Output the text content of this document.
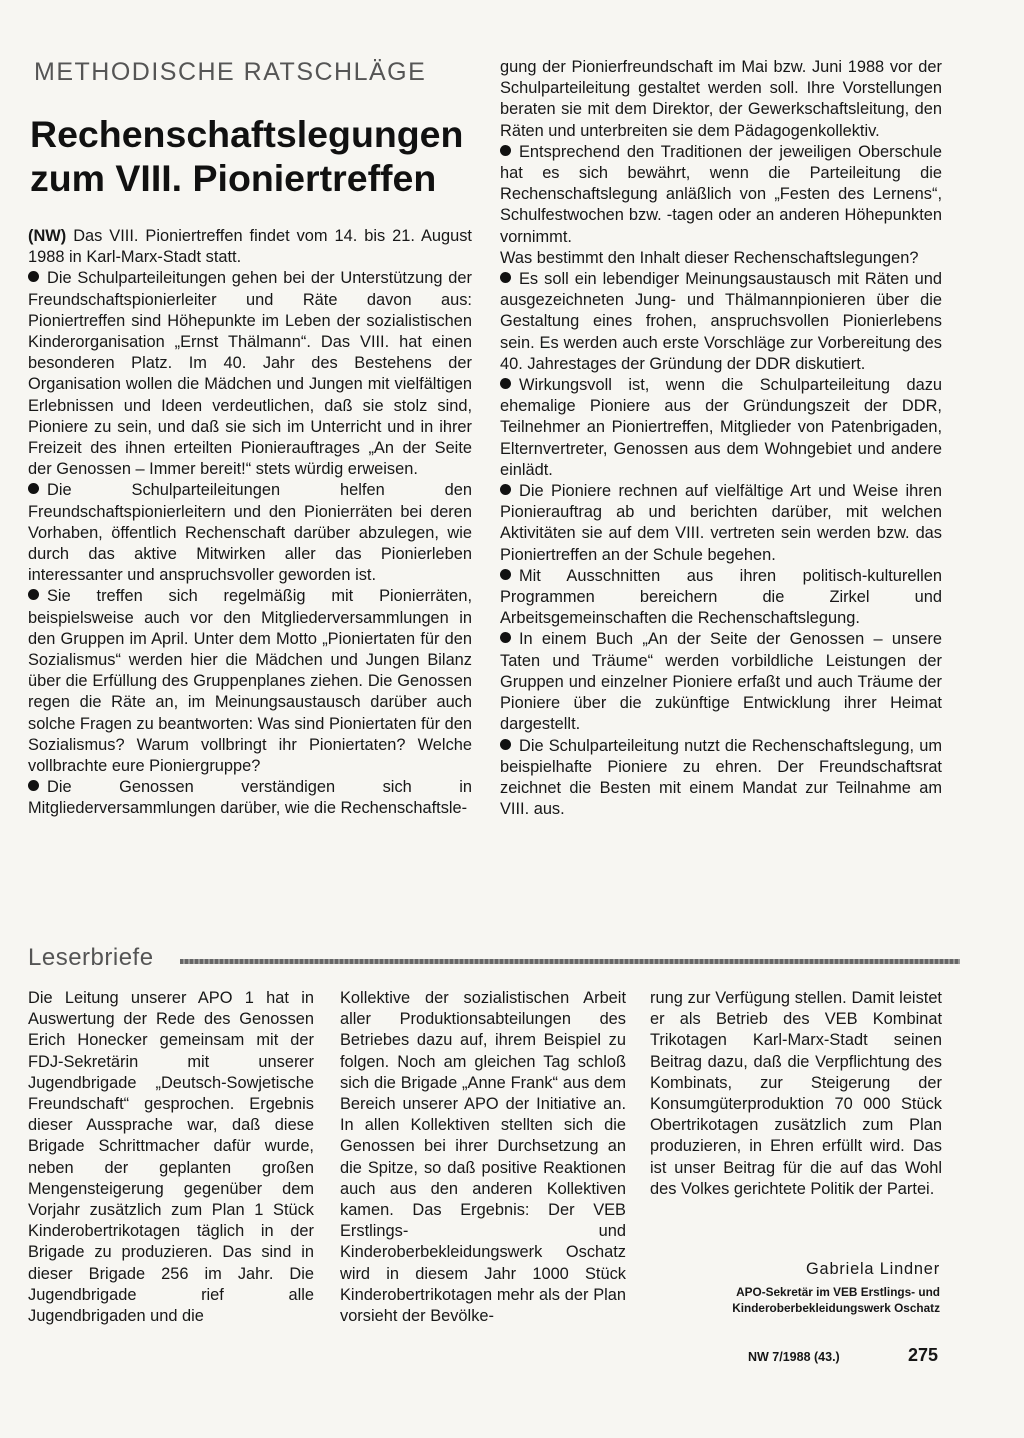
METHODISCHE RATSCHLÄGE
Rechenschaftslegungen
zum VIII. Pioniertreffen

(NW) Das VIII. Pioniertreffen findet vom 14. bis 21. August 1988 in Karl-Marx-Stadt statt.

Die Schulparteileitungen gehen bei der Unterstützung der Freundschaftspionierleiter und Räte davon aus: Pioniertreffen sind Höhepunkte im Leben der sozialistischen Kinderorganisation „Ernst Thälmann“. Das VIII. hat einen besonderen Platz. Im 40. Jahr des Bestehens der Organisation wollen die Mädchen und Jungen mit vielfältigen Erlebnissen und Ideen verdeutlichen, daß sie stolz sind, Pioniere zu sein, und daß sie sich im Unterricht und in ihrer Freizeit des ihnen erteilten Pionierauftrages „An der Seite der Genossen – Immer bereit!“ stets würdig erweisen.

Die Schulparteileitungen helfen den Freundschaftspionierleitern und den Pionierräten bei deren Vorhaben, öffentlich Rechenschaft darüber abzulegen, wie durch das aktive Mitwirken aller das Pionierleben interessanter und anspruchsvoller geworden ist.

Sie treffen sich regelmäßig mit Pionierräten, beispielsweise auch vor den Mitgliederversammlungen in den Gruppen im April. Unter dem Motto „Pioniertaten für den Sozialismus“ werden hier die Mädchen und Jungen Bilanz über die Erfüllung des Gruppenplanes ziehen. Die Genossen regen die Räte an, im Meinungsaustausch darüber auch solche Fragen zu beantworten: Was sind Pioniertaten für den Sozialismus? Warum vollbringt ihr Pioniertaten? Welche vollbrachte eure Pioniergruppe?

Die Genossen verständigen sich in Mitgliederversammlungen darüber, wie die Rechenschaftsle-

gung der Pionierfreundschaft im Mai bzw. Juni 1988 vor der Schulparteileitung gestaltet werden soll. Ihre Vorstellungen beraten sie mit dem Direktor, der Gewerkschaftsleitung, den Räten und unterbreiten sie dem Pädagogenkollektiv.

Entsprechend den Traditionen der jeweiligen Oberschule hat es sich bewährt, wenn die Parteileitung die Rechenschaftslegung anläßlich von „Festen des Lernens“, Schulfestwochen bzw. -tagen oder an anderen Höhepunkten vornimmt.

Was bestimmt den Inhalt dieser Rechenschaftslegungen?

Es soll ein lebendiger Meinungsaustausch mit Räten und ausgezeichneten Jung- und Thälmannpionieren über die Gestaltung eines frohen, anspruchsvollen Pionierlebens sein. Es werden auch erste Vorschläge zur Vorbereitung des 40. Jahrestages der Gründung der DDR diskutiert.

Wirkungsvoll ist, wenn die Schulparteileitung dazu ehemalige Pioniere aus der Gründungszeit der DDR, Teilnehmer an Pioniertreffen, Mitglieder von Patenbrigaden, Elternvertreter, Genossen aus dem Wohngebiet und andere einlädt.

Die Pioniere rechnen auf vielfältige Art und Weise ihren Pionierauftrag ab und berichten darüber, mit welchen Aktivitäten sie auf dem VIII. vertreten sein werden bzw. das Pioniertreffen an der Schule begehen.

Mit Ausschnitten aus ihren politisch-kulturellen Programmen bereichern die Zirkel und Arbeitsgemeinschaften die Rechenschaftslegung.

In einem Buch „An der Seite der Genossen – unsere Taten und Träume“ werden vorbildliche Leistungen der Gruppen und einzelner Pioniere erfaßt und auch Träume der Pioniere über die zukünftige Entwicklung ihrer Heimat dargestellt.

Die Schulparteileitung nutzt die Rechenschaftslegung, um beispielhafte Pioniere zu ehren. Der Freundschaftsrat zeichnet die Besten mit einem Mandat zur Teilnahme am VIII. aus.

Leserbriefe

Die Leitung unserer APO 1 hat in Auswertung der Rede des Genossen Erich Honecker gemeinsam mit der FDJ-Sekretärin mit unserer Jugendbrigade „Deutsch-Sowjetische Freundschaft“ gesprochen. Ergebnis dieser Aussprache war, daß diese Brigade Schrittmacher dafür wurde, neben der geplanten großen Mengensteigerung gegenüber dem Vorjahr zusätzlich zum Plan 1 Stück Kinderobertrikotagen täglich in der Brigade zu produzieren. Das sind in dieser Brigade 256 im Jahr. Die Jugendbrigade rief alle Jugendbrigaden und die

Kollektive der sozialistischen Arbeit aller Produktionsabteilungen des Betriebes dazu auf, ihrem Beispiel zu folgen. Noch am gleichen Tag schloß sich die Brigade „Anne Frank“ aus dem Bereich unserer APO der Initiative an. In allen Kollektiven stellten sich die Genossen bei ihrer Durchsetzung an die Spitze, so daß positive Reaktionen auch aus den anderen Kollektiven kamen. Das Ergebnis: Der VEB Erstlings- und Kinderoberbekleidungswerk Oschatz wird in diesem Jahr 1000 Stück Kinderobertrikotagen mehr als der Plan vorsieht der Bevölke-

rung zur Verfügung stellen. Damit leistet er als Betrieb des VEB Kombinat Trikotagen Karl-Marx-Stadt seinen Beitrag dazu, daß die Verpflichtung des Kombinats, zur Steigerung der Konsumgüterproduktion 70 000 Stück Obertrikotagen zusätzlich zum Plan produzieren, in Ehren erfüllt wird. Das ist unser Beitrag für die auf das Wohl des Volkes gerichtete Politik der Partei.

Gabriela Lindner
APO-Sekretär im VEB Erstlings- und
Kinderoberbekleidungswerk Oschatz
NW 7/1988 (43.)	275
